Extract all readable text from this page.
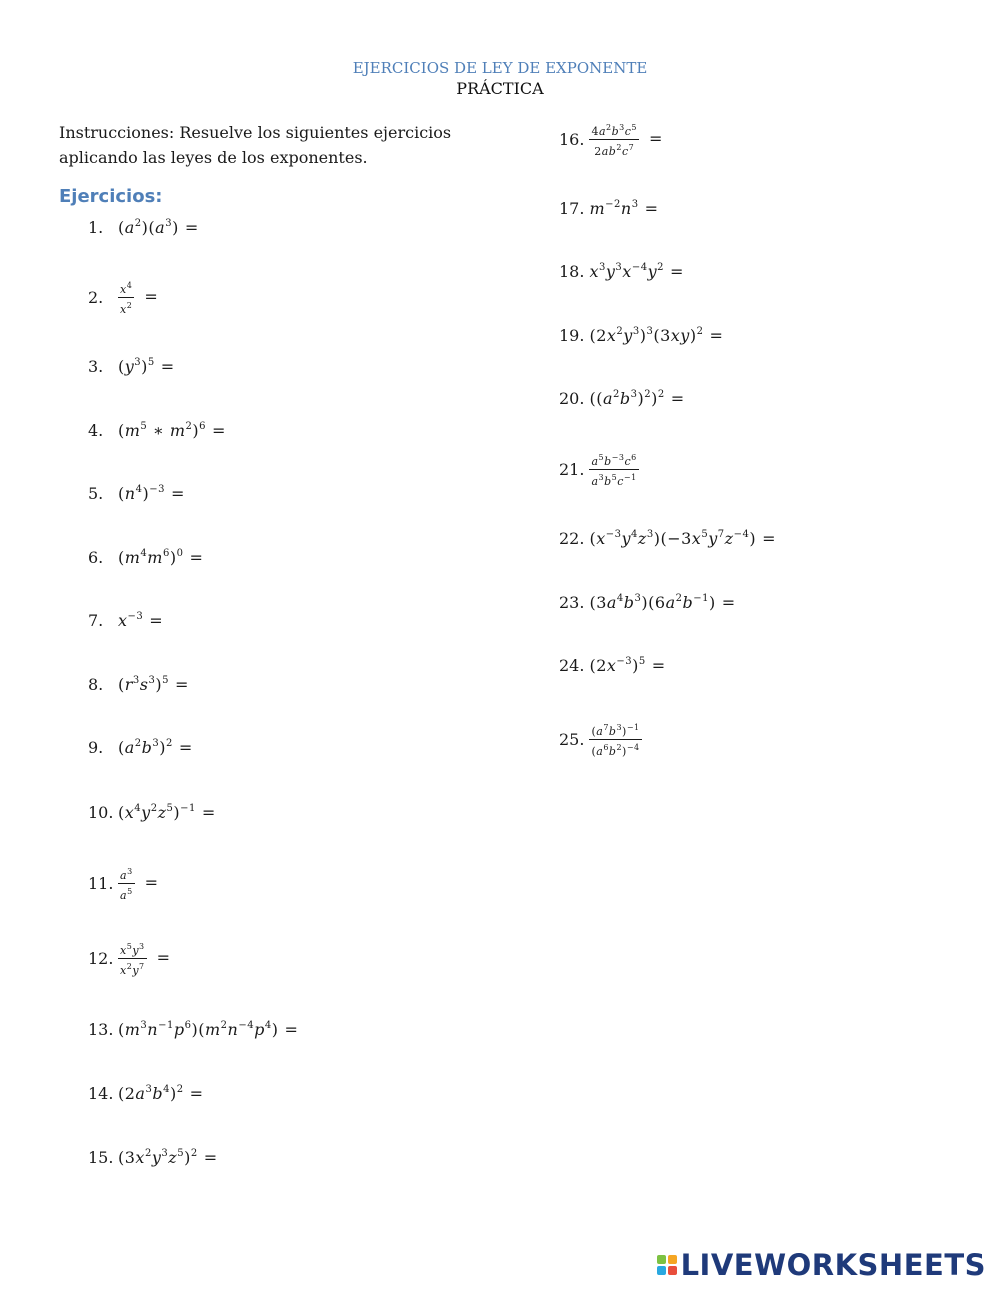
EJERCICIOS DE LEY DE EXPONENTE
PRÁCTICA
Instrucciones: Resuelve los siguientes ejercicios aplicando las leyes de los exponentes.
Ejercicios:
1. $(a^2)(a^3)$ =
2.	$\frac{x^4}{x^2}$ =
3. $(y^3)^5$ =
4. ($m^5$ ∗ $m^2)^6$ =
5. $(n^4)^{-3}$ =
6. $(m^4m^6)^0$ =
7. $x^{-3}$ =
8. $(r^3s^3)^5$ =
9. $(a^2b^3)^2$ =
10. $(x^4y^2z^5)^{-1}$ =
11. $\frac{a^3}{a^5}$ =
12. $\frac{x^5y^3}{x^2y^7}$ =
13. $(m^3n^{-1}p^6)(m^2n^{-4}p^4)$ =
14. $(2a^3b^4)^2$ =
15. $(3x^2y^3z^5)^2$ =
16. $\frac{4a^2b^3c^5}{2ab^2c^7}$ =
17. $m^{-2}n^3$ =
18. $x^3y^3x^{-4}y^2$ =
19. $(2x^2y^3)^3(3xy)^2$ =
20. $((a^2b^3)^2)^2$ =
21. $\frac{a^5b^{-3}c^6}{a^3b^5c^{-1}}$
22. $(x^{-3}y^4z^3)(-3x^5y^7z^{-4})$ =
23. $(3a^4b^3)(6a^2b^{-1})$ =
24. $(2x^{-3})^5$ =
25. $\frac{(a^7b^3)^{-1}}{(a^6b^2)^{-4}}$
LIVEWORKSHEETS
